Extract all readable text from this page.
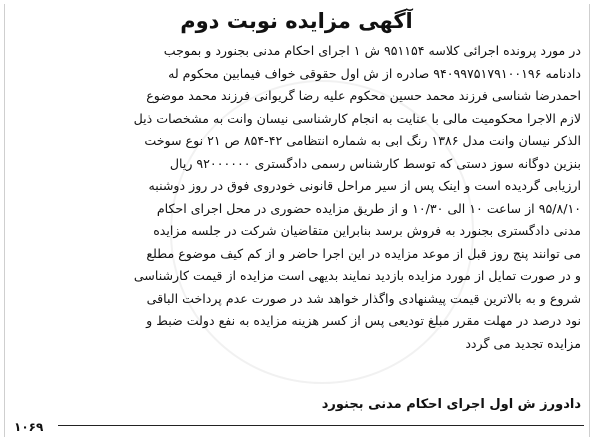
آگهی مزایده نوبت دوم

در مورد پرونده اجرائی کلاسه ۹۵۱۱۵۴ ش ۱ اجرای احکام مدنی بجنورد و بموجب

دادنامه ۹۴۰۹۹۷۵۱۷۹۱۰۰۱۹۶ صادره از ش اول حقوقی خواف فیمابین محکوم له

احمدرضا شناسی فرزند محمد حسین محکوم علیه رضا گریوانی فرزند محمد موضوع

لازم الاجرا محکومیت مالی با عنایت به انجام کارشناسی نیسان وانت به مشخصات ذیل

الذکر نیسان وانت مدل ۱۳۸۶ رنگ ابی به شماره انتظامی ۴۲-۸۵۴ ص ۲۱ نوع سوخت

بنزین دوگانه سوز دستی که توسط کارشناس رسمی دادگستری ۹۲۰۰۰۰۰۰ ریال

ارزیابی گردیده است و اینک پس از سیر مراحل قانونی خودروی فوق در روز دوشنبه

۹۵/۸/۱۰ از ساعت ۱۰ الی ۱۰/۳۰ و از طریق مزایده حضوری در محل اجرای احکام

مدنی دادگستری بجنورد به فروش برسد بنابراین متقاضیان شرکت در جلسه مزایده

می توانند پنج روز قبل از موعد مزایده در این اجرا حاضر و از کم کیف موضوع مطلع

و در صورت تمایل از مورد مزایده بازدید نمایند بدیهی است مزایده از قیمت کارشناسی

شروع و به بالاترین قیمت پیشنهادی واگذار خواهد شد در صورت عدم پرداخت الباقی

نود درصد در مهلت مقرر مبلغ تودیعی پس از کسر هزینه مزایده به نفع دولت ضبط و

مزایده تجدید می گردد

دادورز ش اول اجرای احکام مدنی بجنورد
۱۰۶۹
